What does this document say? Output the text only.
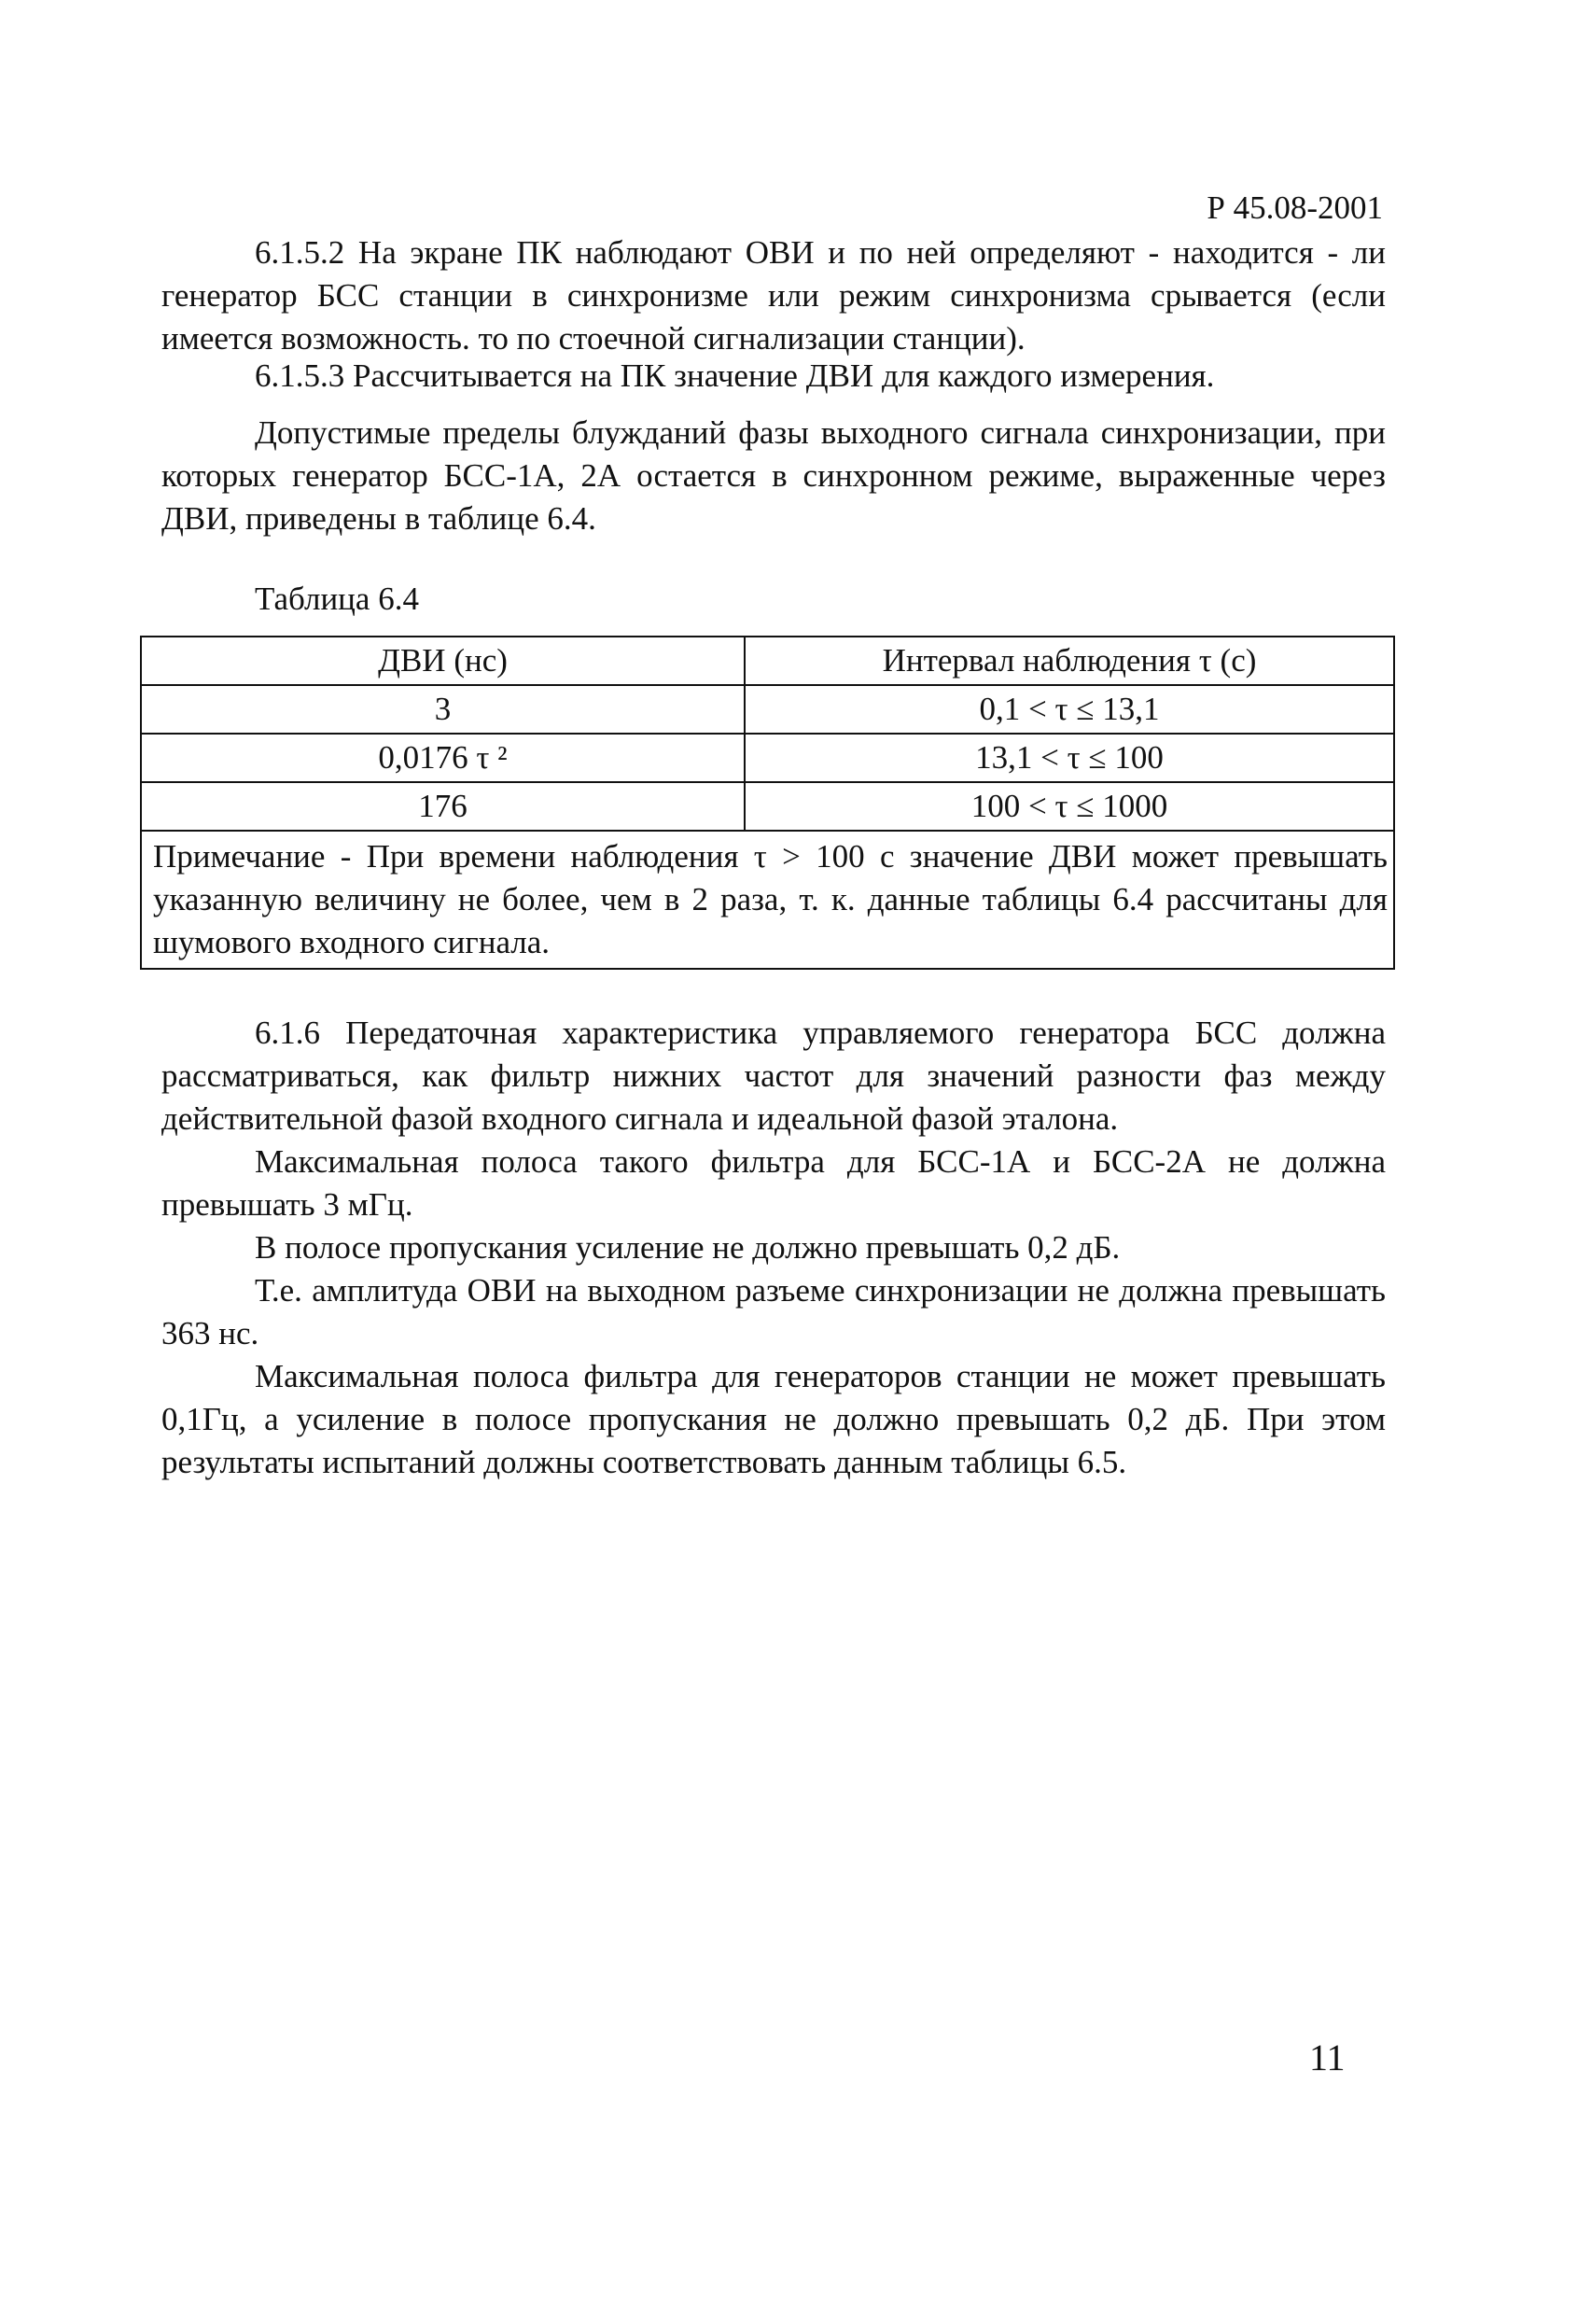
Р 45.08-2001

6.1.5.2 На экране ПК наблюдают ОВИ и по ней определяют - находится - ли генератор БСС станции в синхронизме или режим синхронизма срывается (если имеется возможность. то по стоечной сигнализации станции).

6.1.5.3 Рассчитывается на ПК значение ДВИ для каждого измерения.

Допустимые пределы блужданий фазы выходного сигнала синхронизации, при которых генератор БСС-1А, 2А остается в синхронном режиме, выраженные через ДВИ, приведены в таблице 6.4.

Таблица 6.4
ДВИ (нс)	Интервал наблюдения τ (с)
3	0,1 < τ ≤ 13,1
0,0176 τ ²	13,1 < τ ≤ 100
176	100 < τ ≤ 1000
Примечание - При времени наблюдения τ > 100 с значение ДВИ может превышать указанную величину не более, чем в 2 раза, т. к. данные таблицы 6.4 рассчитаны для шумового входного сигнала.	

6.1.6 Передаточная характеристика управляемого генератора БСС должна рассматриваться, как фильтр нижних частот для значений разности фаз между действительной фазой входного сигнала и идеальной фазой эталона.

Максимальная полоса такого фильтра для БСС-1А и БСС-2А не должна превышать 3 мГц.

В полосе пропускания усиление не должно превышать 0,2 дБ.

Т.е. амплитуда ОВИ на выходном разъеме синхронизации не должна превышать 363 нс.

Максимальная полоса фильтра для генераторов станции не может превышать 0,1Гц, а усиление в полосе пропускания не должно превышать 0,2 дБ. При этом результаты испытаний должны соответствовать данным таблицы 6.5.

11
